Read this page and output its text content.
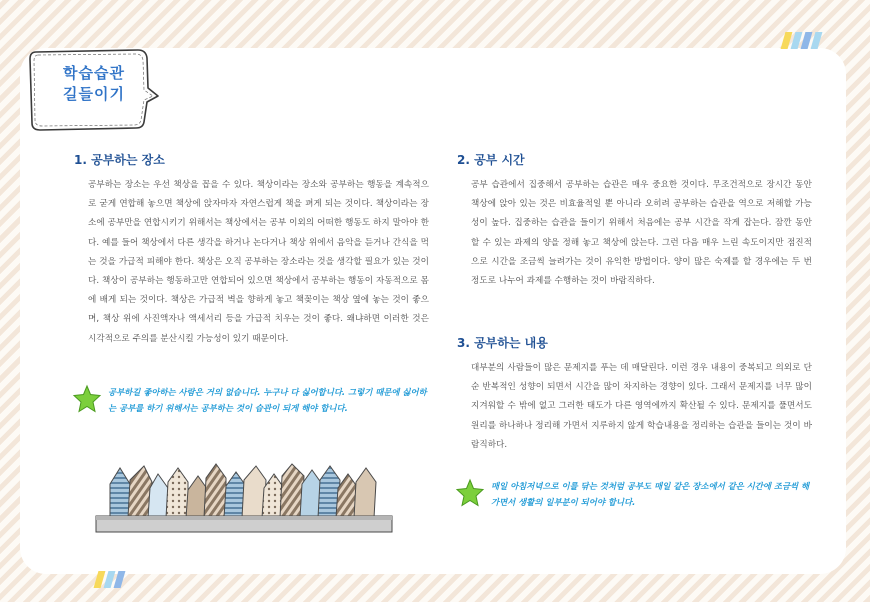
학습습관
길들이기
1. 공부하는 장소

공부하는 장소는 우선 책상을 꼽을 수 있다. 책상이라는 장소와 공부하는 행동을 계속적으로 굳게 연합해 놓으면 책상에 앉자마자 자연스럽게 책을 펴게 되는 것이다. 책상이라는 장소에 공부만을 연합시키기 위해서는 책상에서는 공부 이외의 어떠한 행동도 하지 말아야 한다. 예를 들어 책상에서 다른 생각을 하거나 논다거나 책상 위에서 음악을 듣거나 간식을 먹는 것을 가급적 피해야 한다. 책상은 오직 공부하는 장소라는 것을 생각할 필요가 있는 것이다. 책상이 공부하는 행동하고만 연합되어 있으면 책상에서 공부하는 행동이 자동적으로 몸에 배게 되는 것이다. 책상은 가급적 벽을 향하게 놓고 책꽂이는 책상 옆에 놓는 것이 좋으며, 책상 위에 사진액자나 액세서리 등을 가급적 치우는 것이 좋다. 왜냐하면 이러한 것은 시각적으로 주의를 분산시킬 가능성이 있기 때문이다.

2. 공부 시간

공부 습관에서 집중해서 공부하는 습관은 매우 중요한 것이다. 무조건적으로 장시간 동안 책상에 앉아 있는 것은 비효율적일 뿐 아니라 오히려 공부하는 습관을 역으로 저해할 가능성이 높다. 집중하는 습관을 들이기 위해서 처음에는 공부 시간을 작게 잡는다. 잠깐 동안 할 수 있는 과제의 양을 정해 놓고 책상에 앉는다. 그런 다음 매우 느린 속도이지만 점진적으로 시간을 조금씩 늘려가는 것이 유익한 방법이다. 양이 많은 숙제를 할 경우에는 두 번 정도로 나누어 과제를 수행하는 것이 바람직하다.

3. 공부하는 내용

대부분의 사람들이 많은 문제지를 푸는 데 매달린다. 이런 경우 내용이 중복되고 의외로 단순 반복적인 성향이 되면서 시간을 많이 차지하는 경향이 있다. 그래서 문제지를 너무 많이 지겨워할 수 밖에 없고 그러한 태도가 다른 영역에까지 확산될 수 있다. 문제지를 풀면서도 원리를 하나하나 정리해 가면서 지루하지 않게 학습내용을 정리하는 습관을 들이는 것이 바람직하다.

공부하길 좋아하는 사람은 거의 없습니다. 누구나 다 싫어합니다. 그렇기 때문에 싫어하는 공부를 하기 위해서는 공부하는 것이 습관이 되게 해야 합니다.
매일 아침저녁으로 이를 닦는 것처럼 공부도 매일 같은 장소에서 같은 시간에 조금씩 해가면서 생활의 일부분이 되어야 합니다.
